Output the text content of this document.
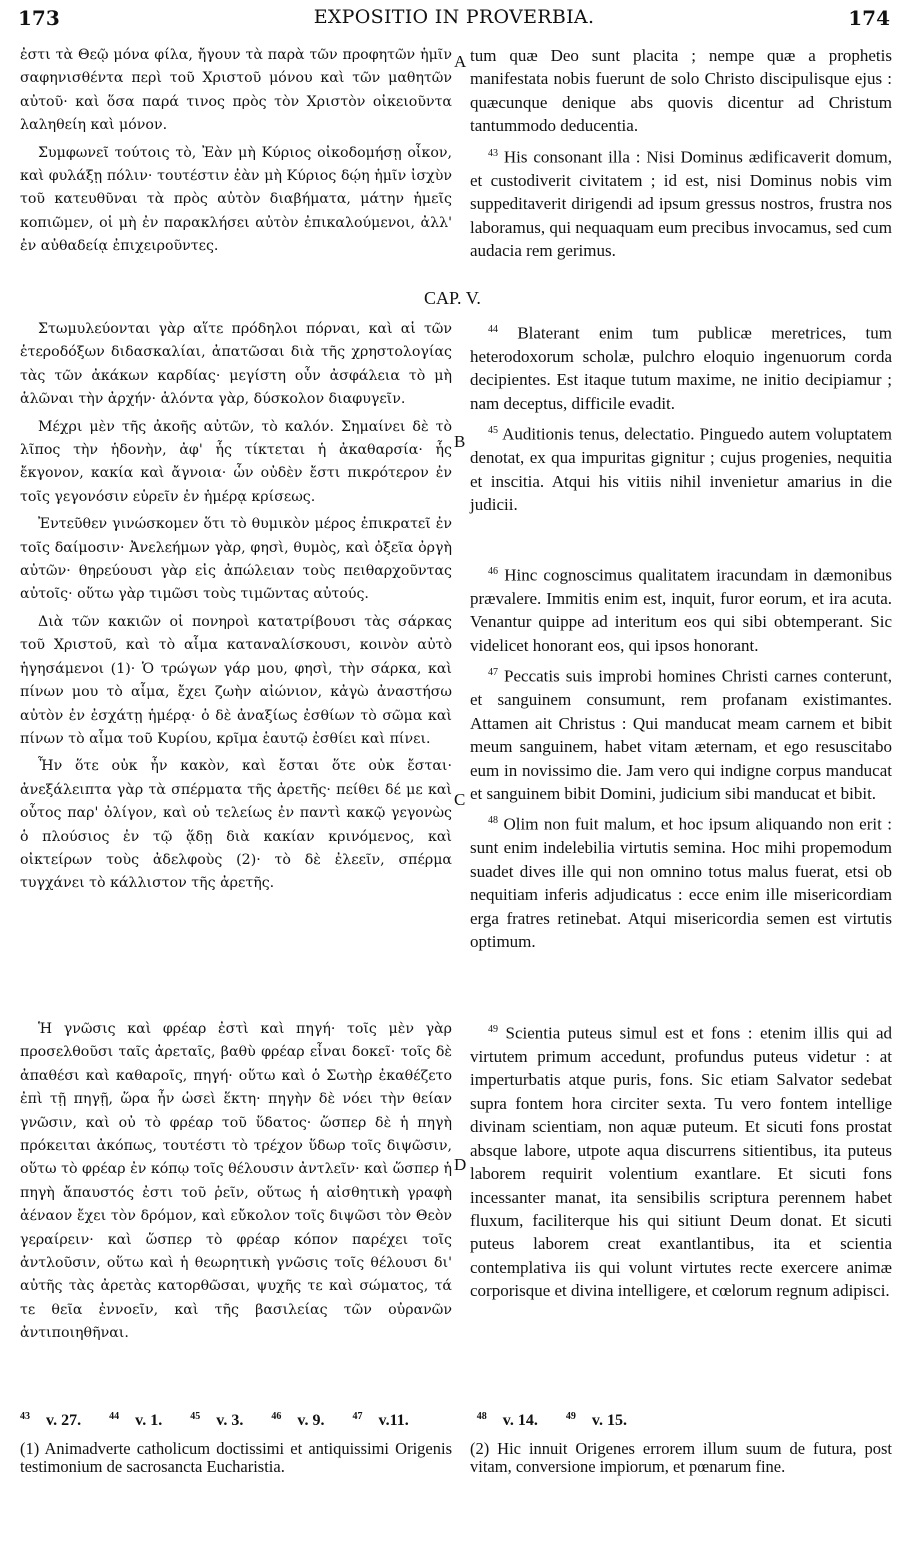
173	EXPOSITIO IN PROVERBIA.	174

ἐστι τὰ Θεῷ μόνα φίλα, ἤγουν τὰ παρὰ τῶν προφητῶν ἡμῖν σαφηνισθέντα περὶ τοῦ Χριστοῦ μόνου καὶ τῶν μαθητῶν αὐτοῦ· καὶ ὅσα παρά τινος πρὸς τὸν Χριστὸν οἰκειοῦντα λαληθείη καὶ μόνον.

Συμφωνεῖ τούτοις τὸ, Ἐὰν μὴ Κύριος οἰκοδομήσῃ οἶκον, καὶ φυλάξῃ πόλιν· τουτέστιν ἐὰν μὴ Κύριος δῴη ἡμῖν ἰσχὺν τοῦ κατευθῦναι τὰ πρὸς αὐτὸν διαβήματα, μάτην ἡμεῖς κοπιῶμεν, οἱ μὴ ἐν παρακλήσει αὐτὸν ἐπικαλούμενοι, ἀλλ' ἐν αὐθαδείᾳ ἐπιχειροῦντες.

CAP. V.

Στωμυλεύονται γὰρ αἵτε πρόδηλοι πόρναι, καὶ αἱ τῶν ἑτεροδόξων διδασκαλίαι, ἀπατῶσαι διὰ τῆς χρηστολογίας τὰς τῶν ἀκάκων καρδίας· μεγίστη οὖν ἀσφάλεια τὸ μὴ ἁλῶναι τὴν ἀρχήν· ἁλόντα γὰρ, δύσκολον διαφυγεῖν.

Μέχρι μὲν τῆς ἀκοῆς αὐτῶν, τὸ καλόν. Σημαίνει δὲ τὸ λῖπος τὴν ἡδονὴν, ἀφ' ἧς τίκτεται ἡ ἀκαθαρσία· ἧς ἔκγονον, κακία καὶ ἄγνοια· ὧν οὐδὲν ἔστι πικρότερον ἐν τοῖς γεγονόσιν εὑρεῖν ἐν ἡμέρᾳ κρίσεως.

Ἐντεῦθεν γινώσκομεν ὅτι τὸ θυμικὸν μέρος ἐπικρατεῖ ἐν τοῖς δαίμοσιν· Ἀνελεήμων γὰρ, φησὶ, θυμὸς, καὶ ὀξεῖα ὀργὴ αὐτῶν· θηρεύουσι γὰρ εἰς ἀπώλειαν τοὺς πειθαρχοῦντας αὐτοῖς· οὕτω γὰρ τιμῶσι τοὺς τιμῶντας αὐτούς.

Διὰ τῶν κακιῶν οἱ πονηροὶ κατατρίβουσι τὰς σάρκας τοῦ Χριστοῦ, καὶ τὸ αἷμα καταναλίσκουσι, κοινὸν αὐτὸ ἡγησάμενοι (1)· Ὁ τρώγων γάρ μου, φησὶ, τὴν σάρκα, καὶ πίνων μου τὸ αἷμα, ἔχει ζωὴν αἰώνιον, κἀγὼ ἀναστήσω αὐτὸν ἐν ἐσχάτῃ ἡμέρᾳ· ὁ δὲ ἀναξίως ἐσθίων τὸ σῶμα καὶ πίνων τὸ αἷμα τοῦ Κυρίου, κρῖμα ἑαυτῷ ἐσθίει καὶ πίνει.

Ἦν ὅτε οὐκ ἦν κακὸν, καὶ ἔσται ὅτε οὐκ ἔσται· ἀνεξάλειπτα γὰρ τὰ σπέρματα τῆς ἀρετῆς· πείθει δέ με καὶ οὗτος παρ' ὀλίγον, καὶ οὐ τελείως ἐν παντὶ κακῷ γεγονὼς ὁ πλούσιος ἐν τῷ ᾅδῃ διὰ κακίαν κρινόμενος, καὶ οἰκτείρων τοὺς ἀδελφοὺς (2)· τὸ δὲ ἐλεεῖν, σπέρμα τυγχάνει τὸ κάλλιστον τῆς ἀρετῆς.

Ἡ γνῶσις καὶ φρέαρ ἐστὶ καὶ πηγή· τοῖς μὲν γὰρ προσελθοῦσι ταῖς ἀρεταῖς, βαθὺ φρέαρ εἶναι δοκεῖ· τοῖς δὲ ἀπαθέσι καὶ καθαροῖς, πηγή· οὕτω καὶ ὁ Σωτὴρ ἐκαθέζετο ἐπὶ τῇ πηγῇ, ὥρα ἦν ὡσεὶ ἕκτη· πηγὴν δὲ νόει τὴν θείαν γνῶσιν, καὶ οὐ τὸ φρέαρ τοῦ ὕδατος· ὥσπερ δὲ ἡ πηγὴ πρόκειται ἀκόπως, τουτέστι τὸ τρέχον ὕδωρ τοῖς διψῶσιν, οὕτω τὸ φρέαρ ἐν κόπῳ τοῖς θέλουσιν ἀντλεῖν· καὶ ὥσπερ ἡ πηγὴ ἄπαυστός ἐστι τοῦ ῥεῖν, οὕτως ἡ αἰσθητικὴ γραφὴ ἀέναον ἔχει τὸν δρόμον, καὶ εὔκολον τοῖς διψῶσι τὸν Θεὸν γεραίρειν· καὶ ὥσπερ τὸ φρέαρ κόπον παρέχει τοῖς ἀντλοῦσιν, οὕτω καὶ ἡ θεωρητικὴ γνῶσις τοῖς θέλουσι δι' αὐτῆς τὰς ἀρετὰς κατορθῶσαι, ψυχῆς τε καὶ σώματος, τά τε θεῖα ἐννοεῖν, καὶ τῆς βασιλείας τῶν οὐρανῶν ἀντιποιηθῆναι.

tum quæ Deo sunt placita ; nempe quæ a prophetis manifestata nobis fuerunt de solo Christo discipulisque ejus : quæcunque denique abs quovis dicentur ad Christum tantummodo deducentia.

$^{43}$ His consonant illa : Nisi Dominus ædificaverit domum, et custodiverit civitatem ; id est, nisi Dominus nobis vim suppeditaverit dirigendi ad ipsum gressus nostros, frustra nos laboramus, qui nequaquam eum precibus invocamus, sed cum audacia rem gerimus.

$^{44}$ Blaterant enim tum publicæ meretrices, tum heterodoxorum scholæ, pulchro eloquio ingenuorum corda decipientes. Est itaque tutum maxime, ne initio decipiamur ; nam deceptus, difficile evadit.

$^{45}$ Auditionis tenus, delectatio. Pinguedo autem voluptatem denotat, ex qua impuritas gignitur ; cujus progenies, nequitia et inscitia. Atqui his vitiis nihil invenietur amarius in die judicii.

$^{46}$ Hinc cognoscimus qualitatem iracundam in dæmonibus prævalere. Immitis enim est, inquit, furor eorum, et ira acuta. Venantur quippe ad interitum eos qui sibi obtemperant. Sic videlicet honorant eos, qui ipsos honorant.

$^{47}$ Peccatis suis improbi homines Christi carnes conterunt, et sanguinem consumunt, rem profanam existimantes. Attamen ait Christus : Qui manducat meam carnem et bibit meum sanguinem, habet vitam æternam, et ego resuscitabo eum in novissimo die. Jam vero qui indigne corpus manducat et sanguinem bibit Domini, judicium sibi manducat et bibit.

$^{48}$ Olim non fuit malum, et hoc ipsum aliquando non erit : sunt enim indelebilia virtutis semina. Hoc mihi propemodum suadet dives ille qui non omnino totus malus fuerat, etsi ob nequitiam inferis adjudicatus : ecce enim ille misericordiam erga fratres retinebat. Atqui misericordia semen est virtutis optimum.

$^{49}$ Scientia puteus simul est et fons : etenim illis qui ad virtutem primum accedunt, profundus puteus videtur : at imperturbatis atque puris, fons. Sic etiam Salvator sedebat supra fontem hora circiter sexta. Tu vero fontem intellige divinam scientiam, non aquæ puteum. Et sicuti fons prostat absque labore, utpote aqua discurrens sitientibus, ita puteus laborem requirit volentium exantlare. Et sicuti fons incessanter manat, ita sensibilis scriptura perennem habet fluxum, faciliterque his qui sitiunt Deum donat. Et sicuti puteus laborem creat exantlantibus, ita et scientia contemplativa iis qui volunt virtutes recte exercere animæ corporisque et divina intelligere, et cœlorum regnum adipisci.

A
B
C
D
$^{43}$ v. 27.	$^{44}$ v. 1.	$^{45}$ v. 3.	$^{46}$ v. 9.	$^{47}$ v.11.	$^{48}$ v. 14.	$^{49}$ v. 15.
(1) Animadverte catholicum doctissimi et antiquissimi Origenis testimonium de sacrosancta Eucharistia.
(2) Hic innuit Origenes errorem illum suum de futura, post vitam, conversione impiorum, et pœnarum fine.
